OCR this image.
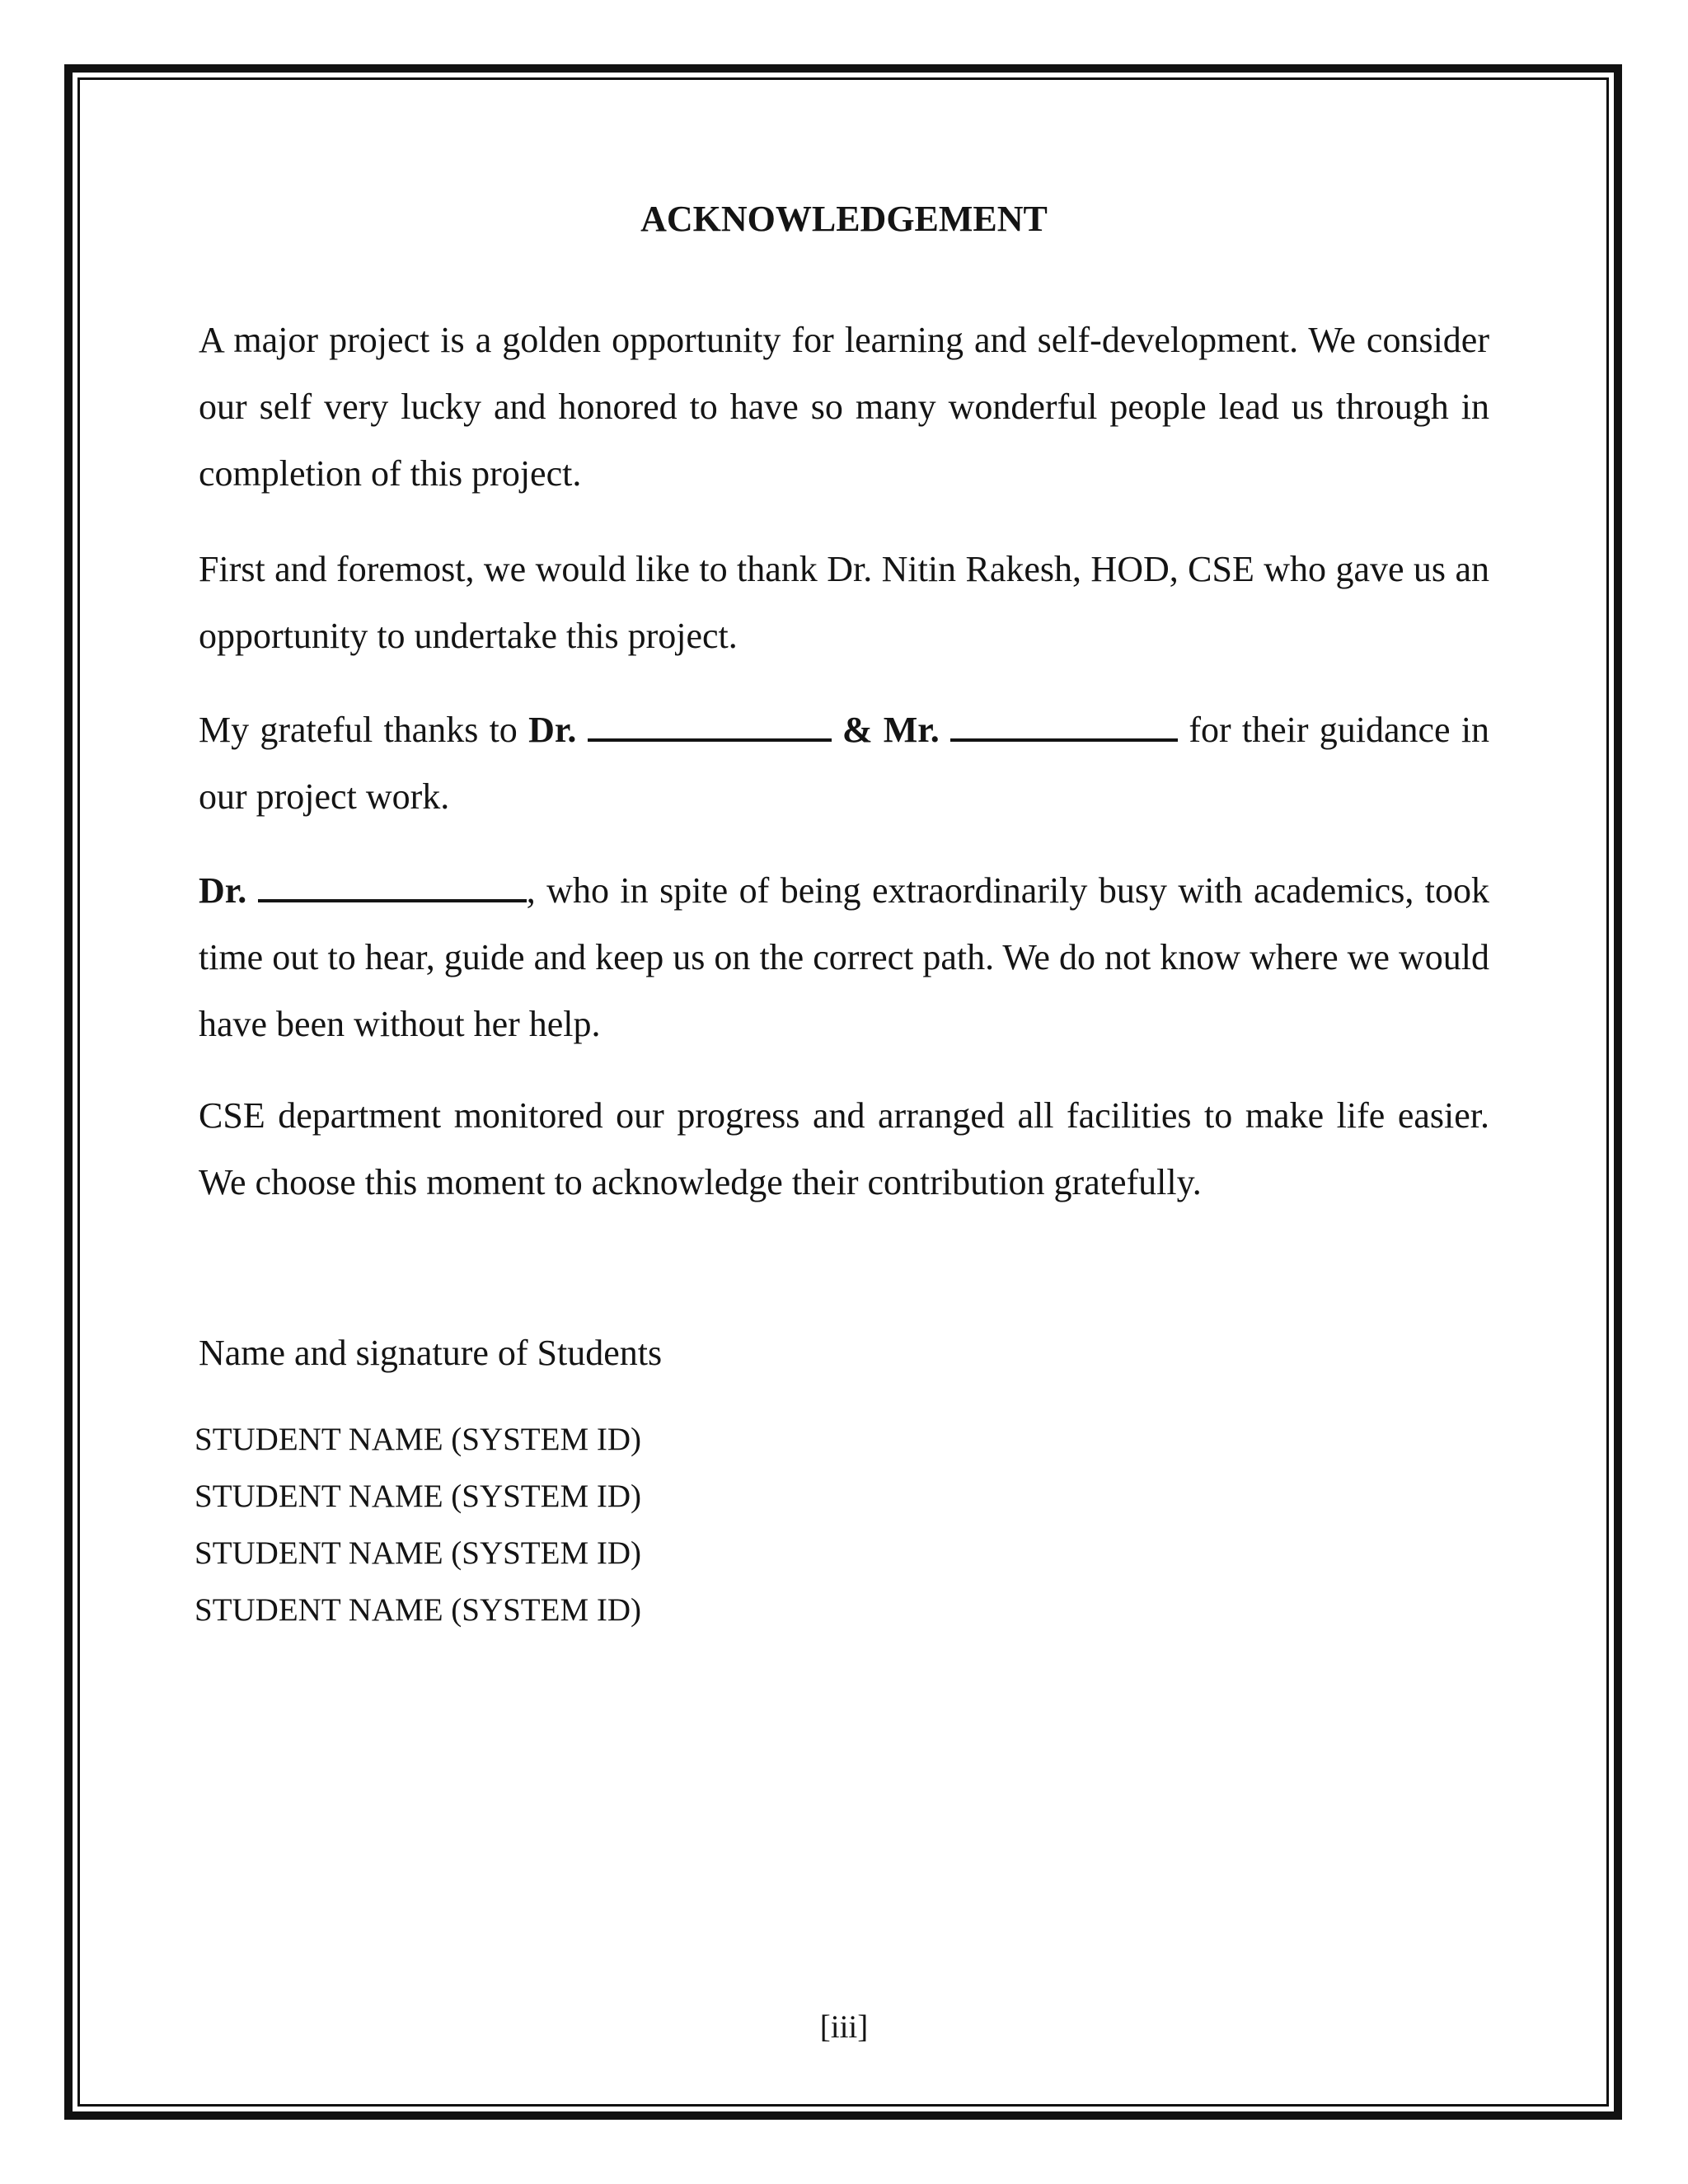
ACKNOWLEDGEMENT

A major project is a golden opportunity for learning and self-development. We consider our self very lucky and honored to have so many wonderful people lead us through in completion of this project.

First and foremost, we would like to thank Dr. Nitin Rakesh, HOD, CSE who gave us an opportunity to undertake this project.

My grateful thanks to Dr.	& Mr.	for their guidance in our project work.

Dr.	, who in spite of being extraordinarily busy with academics, took time out to hear, guide and keep us on the correct path. We do not know where we would have been without her help.

CSE department monitored our progress and arranged all facilities to make life easier. We choose this moment to acknowledge their contribution gratefully.

Name and signature of Students
STUDENT NAME (SYSTEM ID)
STUDENT NAME (SYSTEM ID)
STUDENT NAME (SYSTEM ID)
STUDENT NAME (SYSTEM ID)
[iii]
